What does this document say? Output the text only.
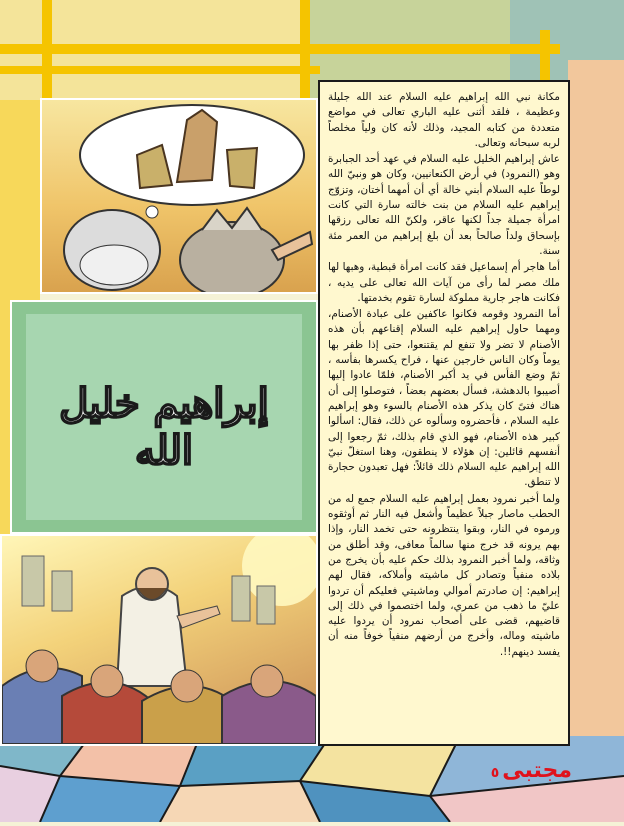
إبراهيم خليل الله

مكانة نبي الله إبراهيم عليه السلام عند الله جليلة وعظيمة ، فلقد أثنى عليه الباري تعالى في مواضع متعددة من كتابه المجيد، وذلك لأنه كان ولياً مخلصاً لربه سبحانه وتعالى.

عاش إبراهيم الخليل عليه السلام في عهد أحد الجبابرة وهو (النمرود) في أرض الكنعانيين، وكان هو ونبيّ الله لوطاً عليه السلام أبني خالة أي أن أمهما أختان، وتزوّج إبراهيم عليه السلام من بنت خالته سارة التي كانت امرأة جميلة جداً لكنها عاقر، ولكنّ الله تعالى رزقها بإسحاق ولداً صالحاً بعد أن بلغ إبراهيم من العمر مئة سنة.

أما هاجر أم إسماعيل فقد كانت امرأة قبطية، وهبها لها ملك مصر لما رأى من آيات الله تعالى على يديه ، فكانت هاجر جارية مملوكة لسارة تقوم بخدمتها.

أما النمرود وقومه فكانوا عاكفين على عبادة الأصنام، ومهما حاول إبراهيم عليه السلام إقناعهم بأن هذه الأصنام لا تضر ولا تنفع لم يقتنعوا، حتى إذا ظفر بها يوماً وكان الناس خارجين عنها ، فراح يكسرها بفأسه ، ثمّ وضع الفأس في يد أكبر الأصنام، فلمّا عادوا إليها أصيبوا بالدهشة، فسأل بعضهم بعضاً ، فتوصلوا إلى أن هناك فتىً كان يذكر هذه الأصنام بالسوء وهو إبراهيم عليه السلام ، فأحضروه وسألوه عن ذلك، فقال: اسألوا كبير هذه الأصنام، فهو الذي قام بذلك، ثمّ رجعوا إلى أنفسهم قائلين: إن هؤلاء لا ينطقون، وهنا استغلّ نبيّ الله إبراهيم عليه السلام ذلك قائلاً: فهل تعبدون حجارة لا تنطق.

ولما أخبر نمرود بعمل إبراهيم عليه السلام جمع له من الحطب ماصار جبلاً عظيماً وأشعل فيه النار ثم أوثقوه ورموه في النار، وبقوا ينتظرونه حتى تخمد النار، وإذا بهم يرونه قد خرج منها سالماً معافى، وقد أطلق من وثاقه، ولما أخبر النمرود بذلك حكم عليه بأن يخرج من بلاده منفياً وتصادر كل ماشيته وأملاكه، فقال لهم إبراهيم: إن صادرتم أموالي وماشيتي فعليكم أن تردوا عليّ ما ذهب من عمري، ولما اختصموا في ذلك إلى قاضيهم، قضى على أصحاب نمرود أن يردوا عليه ماشيته وماله، وأخرج من أرضهم منفياً خوفاً منه أن يفسد دينهم!!.

مجتبى٥
